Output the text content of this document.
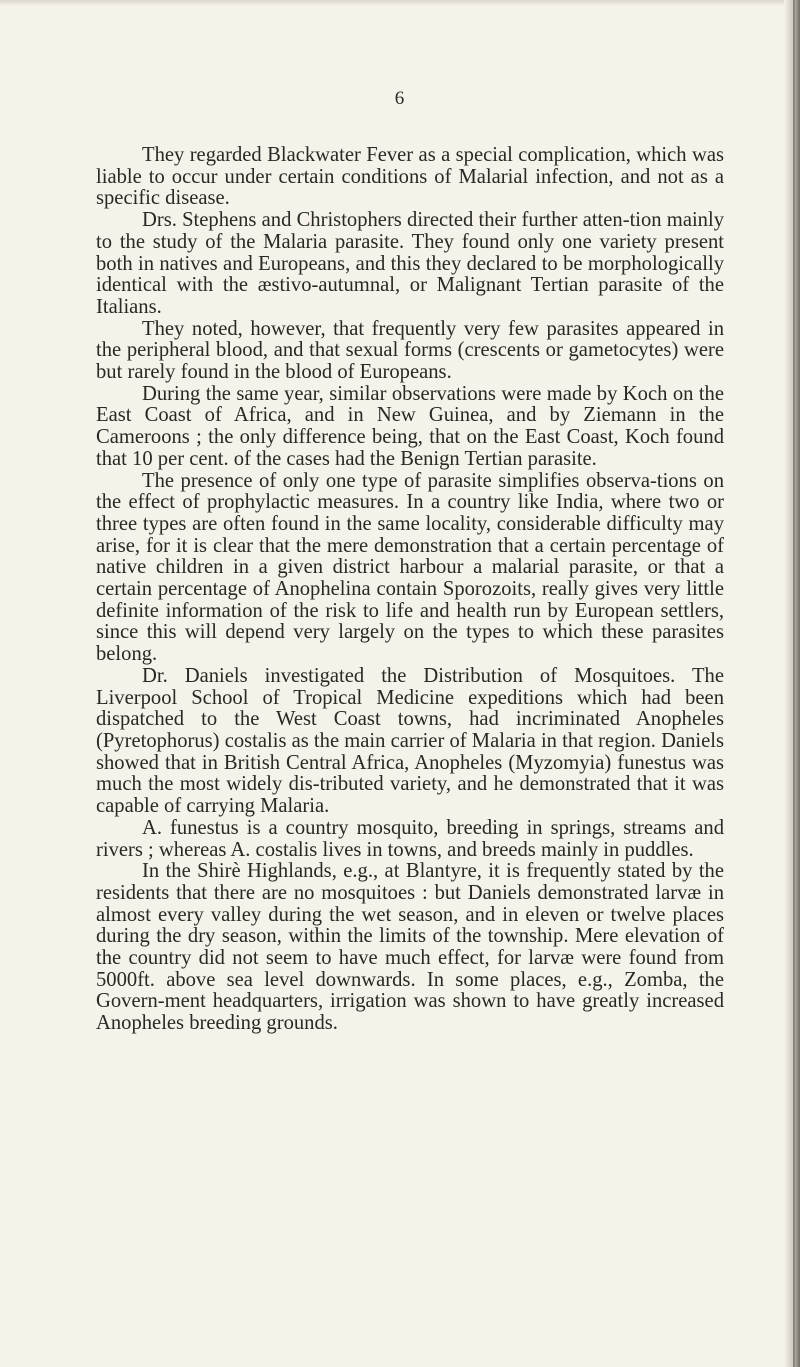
6

They regarded Blackwater Fever as a special complication, which was liable to occur under certain conditions of Malarial infection, and not as a specific disease.

Drs. Stephens and Christophers directed their further atten-tion mainly to the study of the Malaria parasite. They found only one variety present both in natives and Europeans, and this they declared to be morphologically identical with the æstivo-autumnal, or Malignant Tertian parasite of the Italians.

They noted, however, that frequently very few parasites appeared in the peripheral blood, and that sexual forms (crescents or gametocytes) were but rarely found in the blood of Europeans.

During the same year, similar observations were made by Koch on the East Coast of Africa, and in New Guinea, and by Ziemann in the Cameroons ; the only difference being, that on the East Coast, Koch found that 10 per cent. of the cases had the Benign Tertian parasite.

The presence of only one type of parasite simplifies observa-tions on the effect of prophylactic measures. In a country like India, where two or three types are often found in the same locality, considerable difficulty may arise, for it is clear that the mere demonstration that a certain percentage of native children in a given district harbour a malarial parasite, or that a certain percentage of Anophelina contain Sporozoits, really gives very little definite information of the risk to life and health run by European settlers, since this will depend very largely on the types to which these parasites belong.

Dr. Daniels investigated the Distribution of Mosquitoes. The Liverpool School of Tropical Medicine expeditions which had been dispatched to the West Coast towns, had incriminated Anopheles (Pyretophorus) costalis as the main carrier of Malaria in that region. Daniels showed that in British Central Africa, Anopheles (Myzomyia) funestus was much the most widely dis-tributed variety, and he demonstrated that it was capable of carrying Malaria.

A. funestus is a country mosquito, breeding in springs, streams and rivers ; whereas A. costalis lives in towns, and breeds mainly in puddles.

In the Shirè Highlands, e.g., at Blantyre, it is frequently stated by the residents that there are no mosquitoes : but Daniels demonstrated larvæ in almost every valley during the wet season, and in eleven or twelve places during the dry season, within the limits of the township. Mere elevation of the country did not seem to have much effect, for larvæ were found from 5000ft. above sea level downwards. In some places, e.g., Zomba, the Govern-ment headquarters, irrigation was shown to have greatly increased Anopheles breeding grounds.
